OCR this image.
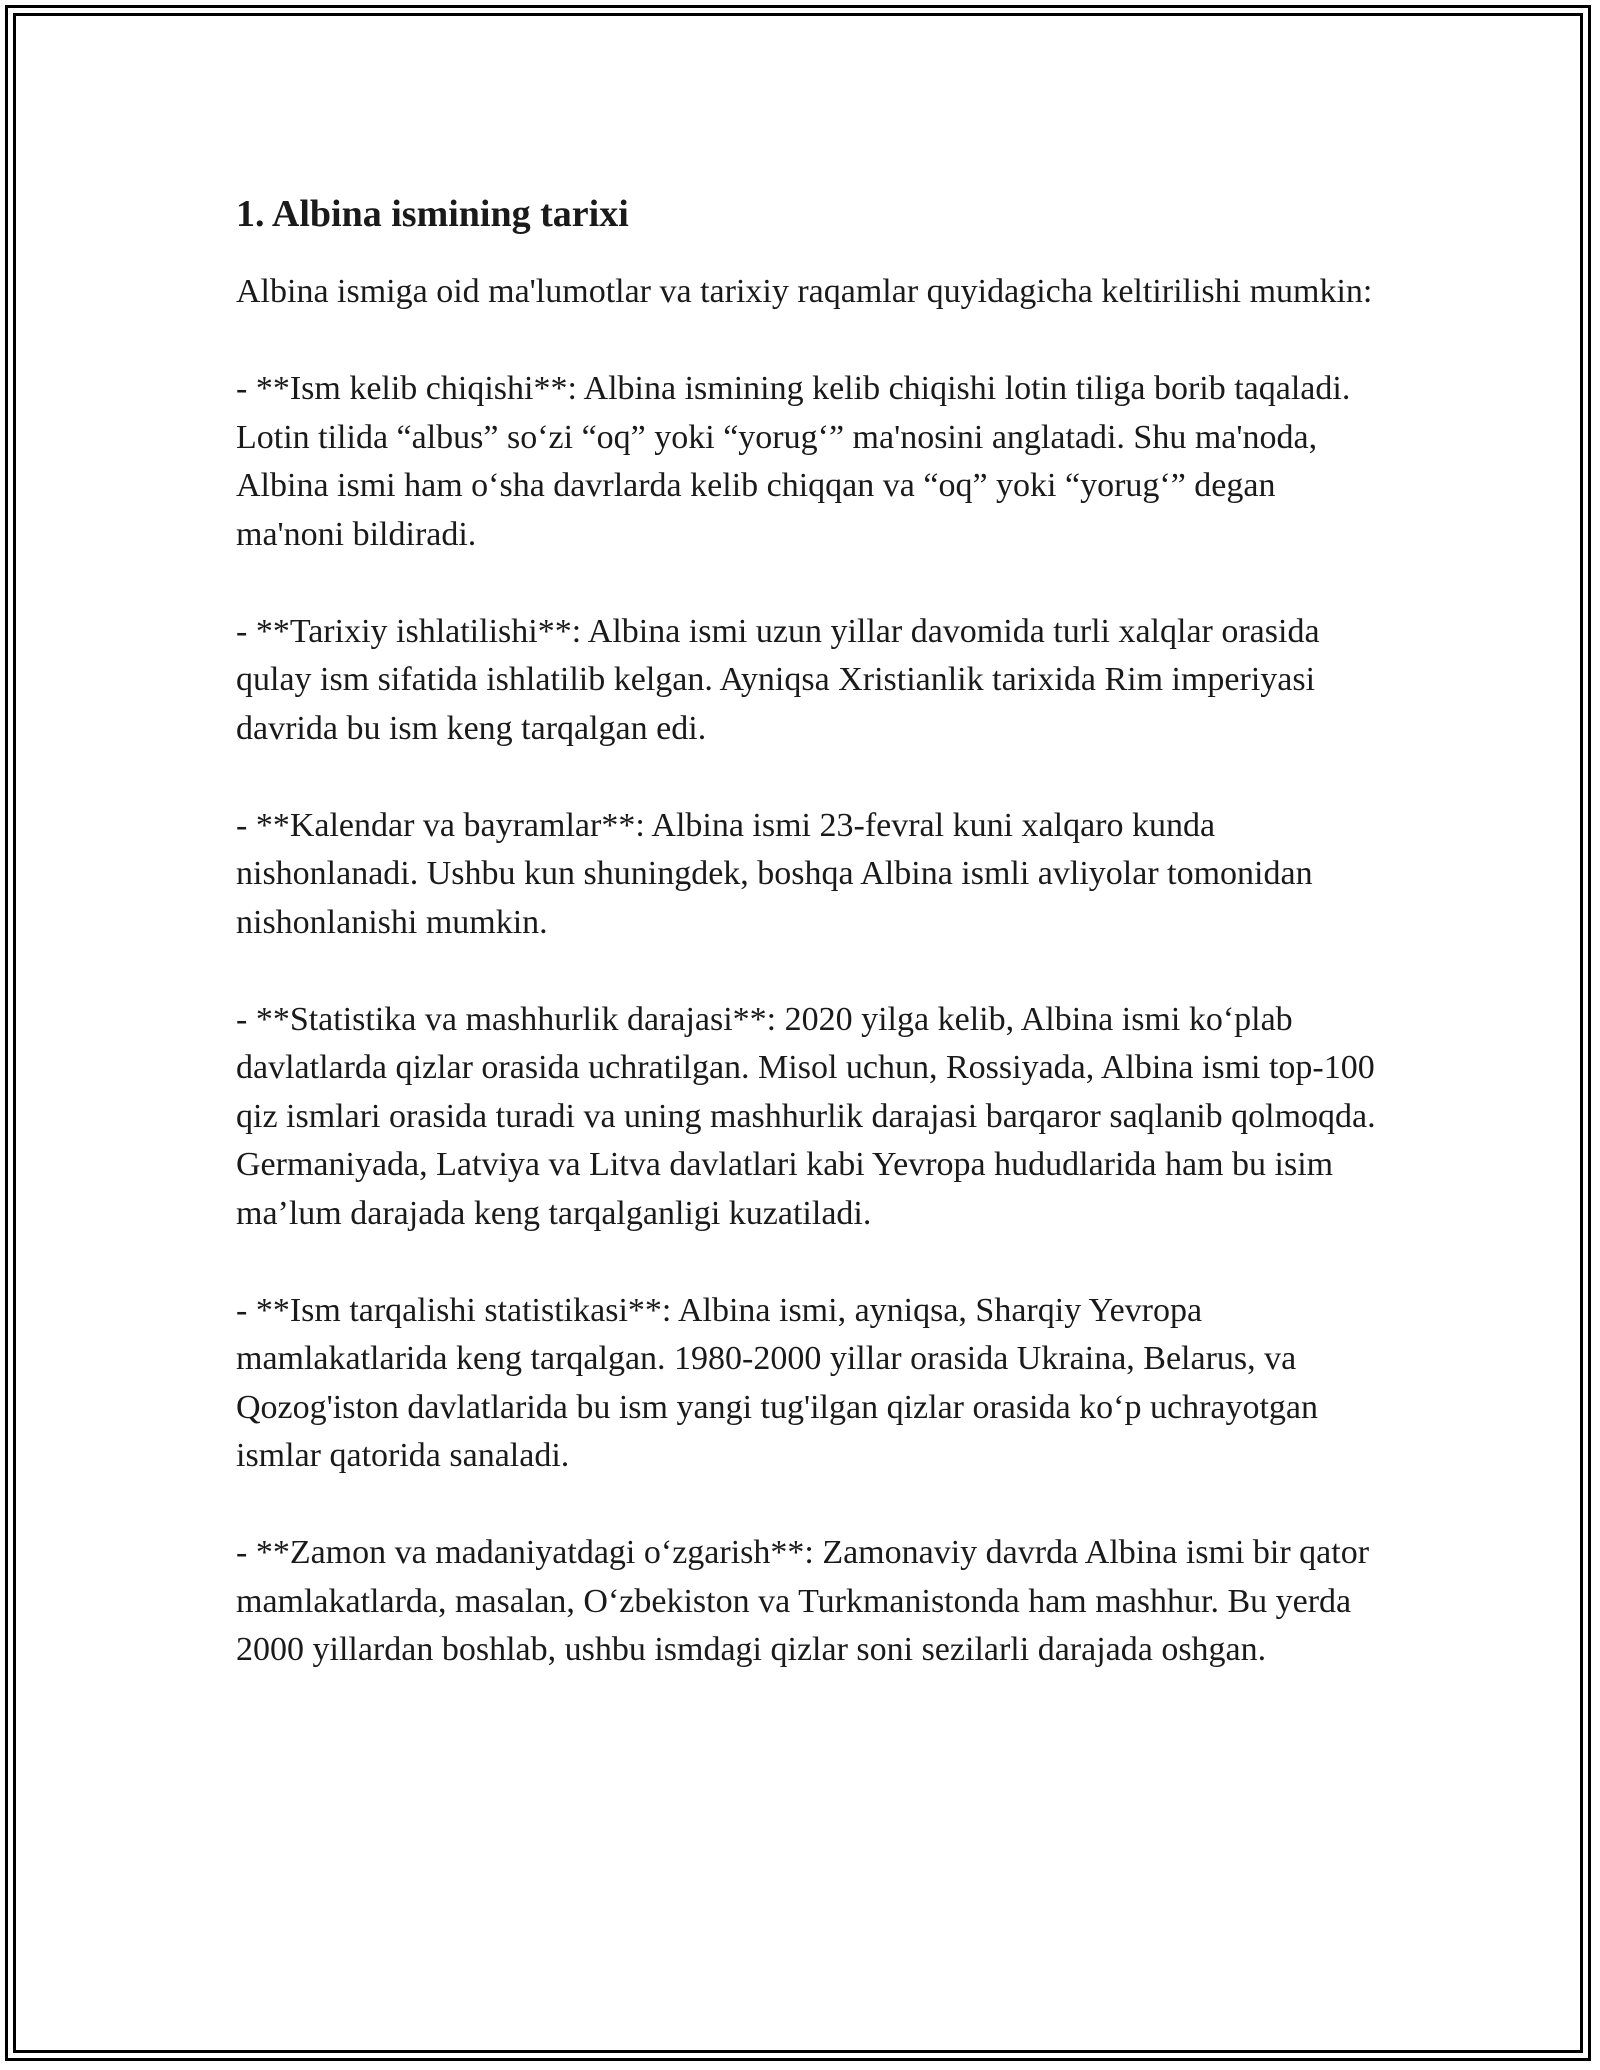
1. Albina ismining tarixi

Albina ismiga oid ma'lumotlar va tarixiy raqamlar quyidagicha keltirilishi mumkin:

- **Ism kelib chiqishi**: Albina ismining kelib chiqishi lotin tiliga borib taqaladi. Lotin tilida “albus” so‘zi “oq” yoki “yorug‘” ma'nosini anglatadi. Shu ma'noda, Albina ismi ham o‘sha davrlarda kelib chiqqan va “oq” yoki “yorug‘” degan ma'noni bildiradi.

- **Tarixiy ishlatilishi**: Albina ismi uzun yillar davomida turli xalqlar orasida qulay ism sifatida ishlatilib kelgan. Ayniqsa Xristianlik tarixida Rim imperiyasi davrida bu ism keng tarqalgan edi.

- **Kalendar va bayramlar**: Albina ismi 23-fevral kuni xalqaro kunda nishonlanadi. Ushbu kun shuningdek, boshqa Albina ismli avliyolar tomonidan nishonlanishi mumkin.

- **Statistika va mashhurlik darajasi**: 2020 yilga kelib, Albina ismi ko‘plab davlatlarda qizlar orasida uchratilgan. Misol uchun, Rossiyada, Albina ismi top-100 qiz ismlari orasida turadi va uning mashhurlik darajasi barqaror saqlanib qolmoqda. Germaniyada, Latviya va Litva davlatlari kabi Yevropa hududlarida ham bu isim ma’lum darajada keng tarqalganligi kuzatiladi.

- **Ism tarqalishi statistikasi**: Albina ismi, ayniqsa, Sharqiy Yevropa mamlakatlarida keng tarqalgan. 1980-2000 yillar orasida Ukraina, Belarus, va Qozog'iston davlatlarida bu ism yangi tug'ilgan qizlar orasida ko‘p uchrayotgan ismlar qatorida sanaladi.

- **Zamon va madaniyatdagi o‘zgarish**: Zamonaviy davrda Albina ismi bir qator mamlakatlarda, masalan, O‘zbekiston va Turkmanistonda ham mashhur. Bu yerda 2000 yillardan boshlab, ushbu ismdagi qizlar soni sezilarli darajada oshgan.
